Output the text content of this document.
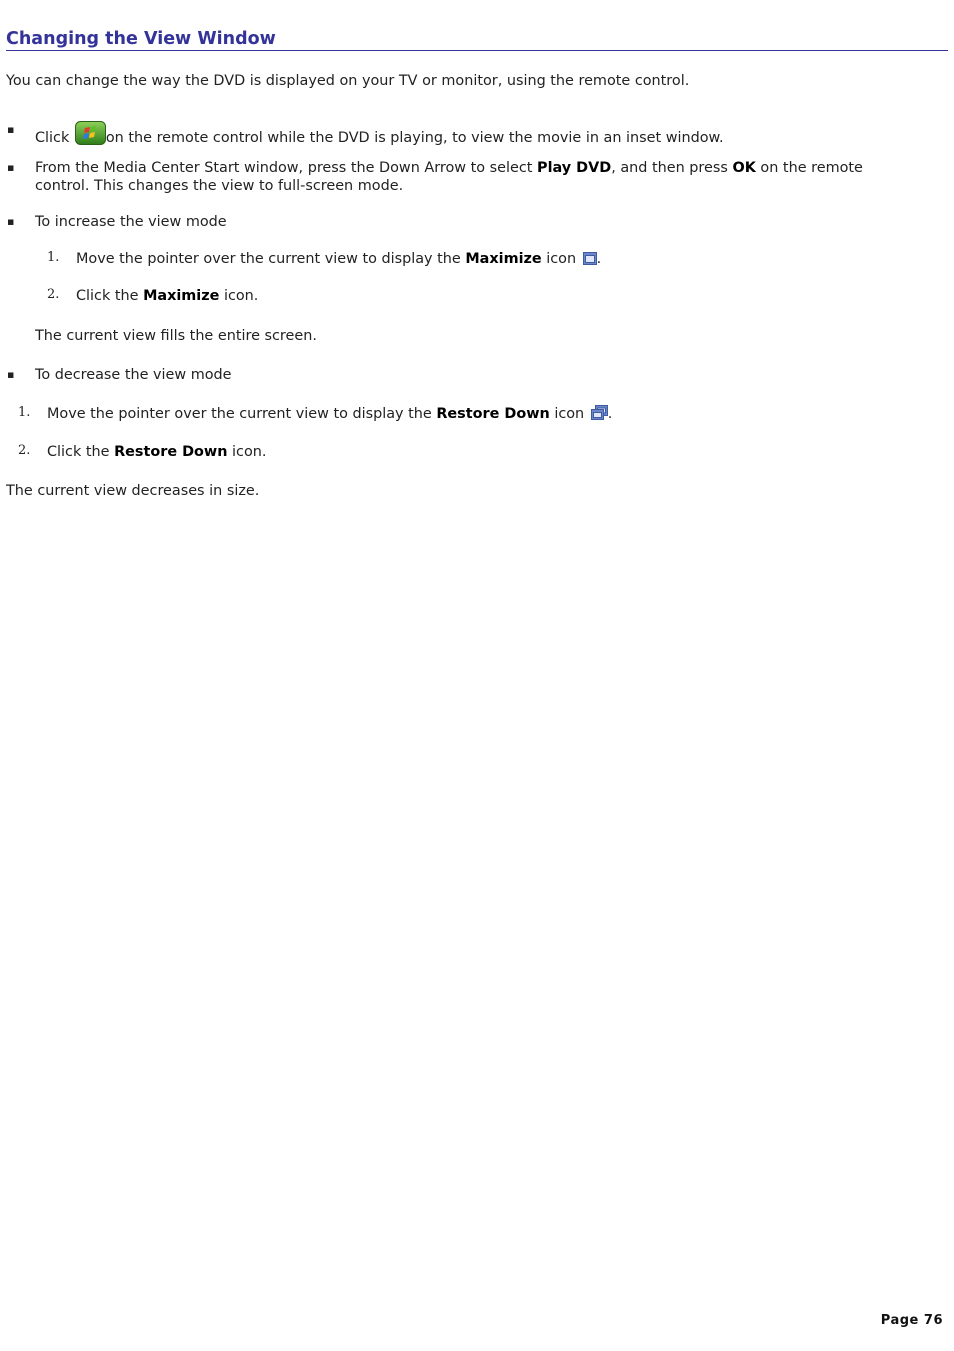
Changing the View Window
You can change the way the DVD is displayed on your TV or monitor, using the remote control.
▪
Click	on the remote control while the DVD is playing, to view the movie in an inset window.
▪ From the Media Center Start window, press the Down Arrow to select Play DVD, and then press OK on the remote
control. This changes the view to full-screen mode.
▪ To increase the view mode
1. Move the pointer over the current view to display the Maximize icon .
2. Click the Maximize icon.
The current view fills the entire screen.
▪ To decrease the view mode
1. Move the pointer over the current view to display the Restore Down icon .
2. Click the Restore Down icon.
The current view decreases in size.
Page 76
